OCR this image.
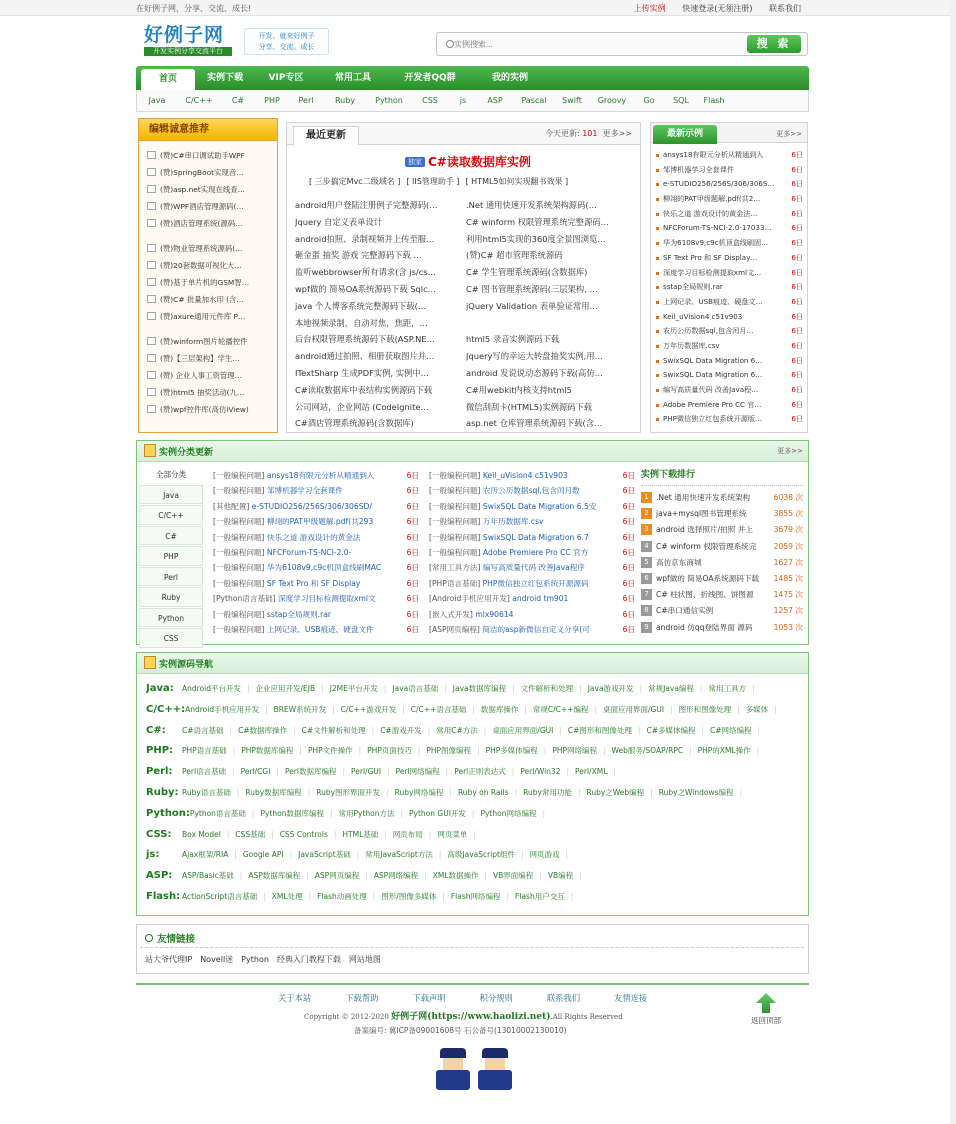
在好例子网，分享、交流、成长!	上传实例 快速登录(无须注册) 联系我们
好例子网
开发实例分享交流平台
开发、就来好例子
分享、交流、成长
实例搜索...	搜 索
首页	实例下载	VIP专区	常用工具	开发者QQ群	我的实例
Java	C/C++	C#	PHP	Perl	Ruby	Python	CSS	js	ASP	Pascal	Swift	Groovy	Go	SQL	Flash
编辑诚意推荐
(赞)C#串口调试助手WPF
(赞)SpringBoot实现音…
(赞)asp.net实现在线查…
(赞)WPF酒店管理源码(…
(赞)酒店管理系统(源码…
(赞)物业管理系统源码(…
(赞)20套数据可视化大…
(赞)基于单片机的GSM智…
(赞)C# 批量加水印 (含…
(赞)axure通用元件库 P…
(赞)winform图片轮播控件
(赞)【三层架构】学生…
(赞) 企业人事工资管理…
(赞)html5 抽奖活动(九…
(赞)wpf控件库(高仿iView)
最近更新	今天更新: 101 更多>>
独家 C#读取数据库实例
[ 三步搞定Mvc二级域名 ] [ IIS管理助手 ] [ HTML5如何实现翻书效果 ]
android用户登陆注册例子完整源码(…	.Net 通用快速开发系统架构源码(…
Jquery 自定义表单设计	C# winform 权限管理系统完整源码…
android拍照、录制视频并上传至服…	利用html5实现的360度全景图浏览…
砸金蛋 抽奖 游戏 完整源码下载 …	(赞)C# 超市管理系统源码
监听webbrowser所有请求(含 js/cs…	C# 学生管理系统源码(含数据库)
wpf做的 简易OA系统源码下载 Sqlc…	C# 图书管理系统源码(三层架构, …
java 个人博客系统完整源码下载(…	jQuery Validation 表单验证常用…
本地视频录制，自动对焦，焦距，…
后台权限管理系统源码下载(ASP.NE…	html5 录音实例源码下载
android通过拍照、相册获取图片并…	Jquery写的幸运大转盘抽奖实例,用…
ITextSharp 生成PDF实例, 实例中…	android 发说说动态源码下载(高仿…
C#读取数据库中表结构实例源码下载	C#用webkit内核支持html5
公司网站，企业网站 (CodeIgnite…	微信刮刮卡(HTML5)实例源码下载
C#酒店管理系统源码(含数据库)	asp.net 仓库管理系统源码下载(含…
最新示例	更多>>
ansys18有限元分析从精通到入	6日
邹博机器学习全套课件	6日
e-STUDIO256/256S/306/306S… 6日
柳翊的PAT甲级题解.pdf(共2…	6日
快乐之道 游戏设计的黄金法…	6日
NFCForum-TS-NCI-2.0-17033…	6日
华为6108v9,c9c机顶盒线刷固…	6日
SF Text Pro 和 SF Display…	6日
深度学习目标检测提取xml文…	6日
sstap全局规则.rar	6日
上网记录、USB痕迹、硬盘文…	6日
Keil_uVision4 c51v903	6日
农历公历数据sql,包含闰月…	6日
万年历数据库.csv	6日
SwixSQL Data Migration 6…	6日
SwixSQL Data Migration 6…	6日
编写高质量代码 改善Java程…	6日
Adobe Premiere Pro CC 官…	6日
PHP微信独立红包系统开源版…	6日
实例分类更新	更多>>
全部分类
Java
C/C++
C#
PHP
Perl
Ruby
Python
CSS
[一般编程问题] ansys18有限元分析从精通到入	6日
[一般编程问题] 邹博机器学习全套课件	6日
[其他配置] e-STUDIO256/256S/306/306SD/	6日
[一般编程问题] 柳翊的PAT甲级题解.pdf(共293	6日
[一般编程问题] 快乐之道 游戏设计的黄金法	6日
[一般编程问题] NFCForum-TS-NCI-2.0-	6日
[一般编程问题] 华为6108v9,c9c机顶盒线刷MAC	6日
[一般编程问题] SF Text Pro 和 SF Display	6日
[Python语言基础] 深度学习目标检测提取xml文	6日
[一般编程问题] sstap全局规则.rar	6日
[一般编程问题] 上网记录、USB痕迹、硬盘文件	6日
[一般编程问题] Keil_uVision4 c51v903	6日
[一般编程问题] 农历公历数据sql,包含闰月数	6日
[一般编程问题] SwixSQL Data Migration 6.5安	6日
[一般编程问题] 万年历数据库.csv	6日
[一般编程问题] SwixSQL Data Migration 6.7	6日
[一般编程问题] Adobe Premiere Pro CC 官方	6日
[常用工具方法] 编写高质量代码 改善Java程序	6日
[PHP语言基础] PHP微信独立红包系统开源源码	6日
[Android手机应用开发] android tm901	6日
[嵌入式开发] mlx90614	6日
[ASP网页编程] 简洁的asp新微信自定义分享(可	6日
实例下载排行
1 .Net 通用快速开发系统架构	6038 次
2 java+mysql图书管理系统	3855 次
3 android 选择照片/拍照 并上	3679 次
4 C# winform 权限管理系统完 2059 次
5 高仿京东商城	1627 次
6 wpf做的 简易OA系统源码下载 1485 次
7 C# 柱状图、折线图、饼图源	1475 次
8 C#串口通信实例	1257 次
9 android 仿qq登陆界面 源码	1053 次
实例源码导航
Java: Android平台开发 | 企业应用开发/EJB | J2ME平台开发 | Java语言基础 | Java数据库编程 | 文件解析和处理 | Java游戏开发 | 常规Java编程 | 常用工具方 |
C/C++:Android手机应用开发 | BREW系统开发 | C/C++游戏开发 | C/C++语言基础 | 数据库操作 | 常规C/C++编程 | 桌面应用界面/GUI | 图形和图像处理 | 多媒体 |
C#: C#语言基础 | C#数据库操作 | C#文件解析和处理 | C#游戏开发 | 常用C#方法 | 桌面应用界面/GUI | C#图形和图像处理 | C#多媒体编程 | C#网络编程 |
PHP: PHP语言基础 | PHP数据库编程 | PHP文件操作 | PHP页面技巧 | PHP图像编程 | PHP多媒体编程 | PHP网络编程 | Web服务/SOAP/RPC | PHP的XML操作 |
Perl: Perl语言基础 | Perl/CGI | Perl数据库编程 | Perl/GUI | Perl网络编程 | Perl正则表达式 | Perl/Win32 | Perl/XML |
Ruby: Ruby语言基础 | Ruby数据库编程 | Ruby图形界面开发 | Ruby网络编程 | Ruby on Rails | Ruby常用功能 | Ruby之Web编程 | Ruby之Windows编程 |
Python:Python语言基础 | Python数据库编程 | 常用Python方法 | Python GUI开发 | Python网络编程 |
CSS: Box Model | CSS基础 | CSS Controls | HTML基础 | 网页布局 | 网页菜单 |
js:	Ajax框架/RIA | Google API | JavaScript基础 | 常用JavaScript方法 | 高级JavaScript组件 | 网页游戏 |
ASP: ASP/Basic基础 | ASP数据库编程 | ASP网页编程 | ASP网络编程 | XML数据操作 | VB界面编程 | VB编程 |
Flash: ActionScript语言基础 | XML处理 | Flash动画处理 | 图形/图像多媒体 | Flash网络编程 | Flash用户交互 |
友情链接
站大爷代理IP Novell迷 Python 经典入门教程下载 网站地图
关于本站	下载帮助	下载声明	积分规则	联系我们	友情连接
Copyright © 2012-2020 好例子网(https://www.haolizi.net).All Rights Reserved
备案编号: 冀ICP备09001608号 石公备号(13010002130010)
返回顶部
